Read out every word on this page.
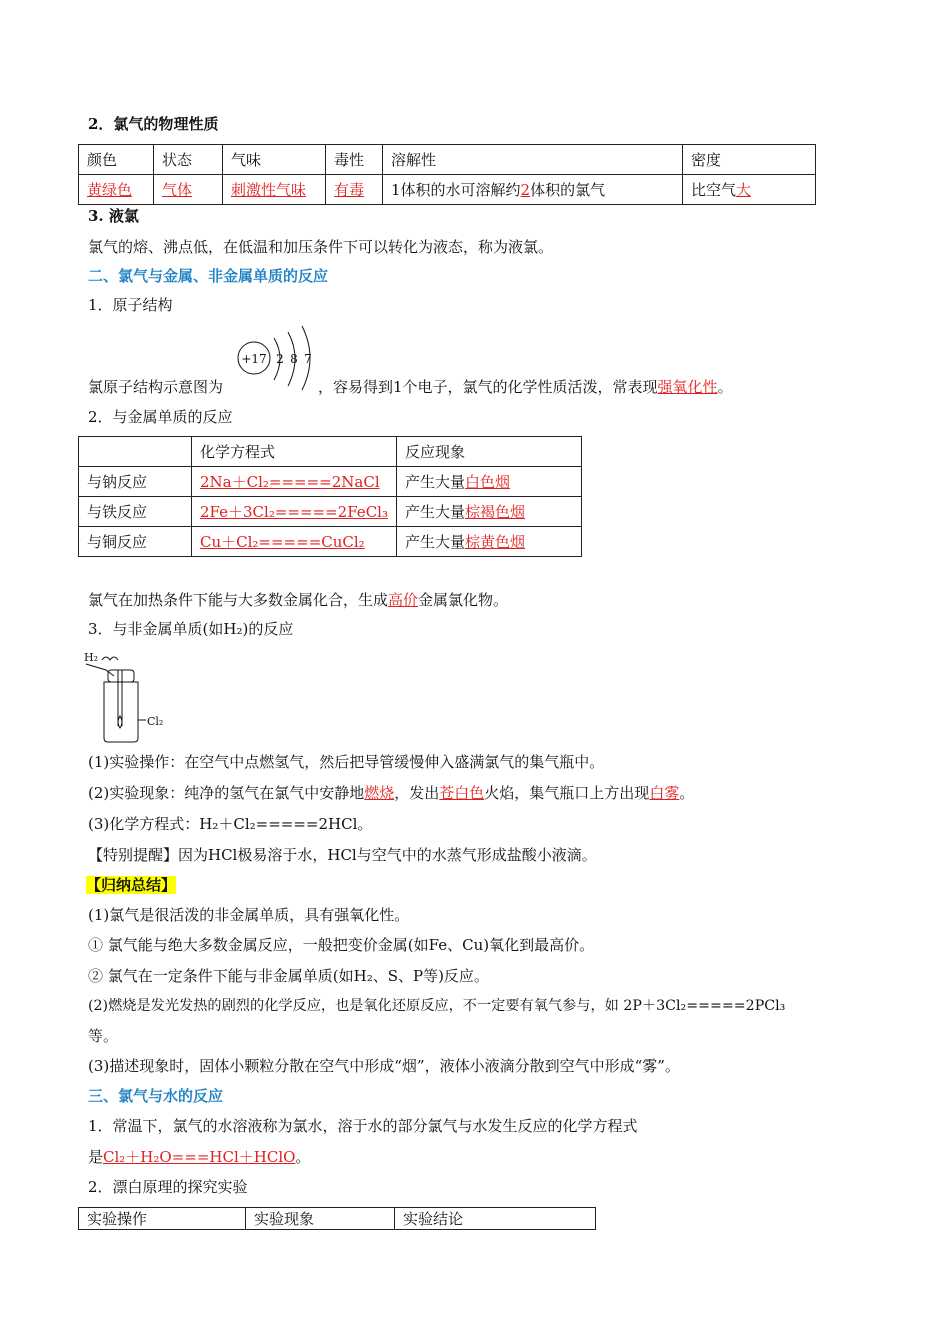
2．氯气的物理性质
颜色	状态	气味	毒性	溶解性	密度
黄绿色	气体	刺激性气味	有毒	1体积的水可溶解约2体积的氯气	比空气大
3. 液氯
氯气的熔、沸点低，在低温和加压条件下可以转化为液态，称为液氯。
二、氯气与金属、非金属单质的反应
1．原子结构
+17 2 8 7
氯原子结构示意图为	，容易得到1个电子，氯气的化学性质活泼，常表现强氧化性。
2．与金属单质的反应
	化学方程式	反应现象
与钠反应	2Na＋Cl₂=====2NaCl	产生大量白色烟
与铁反应	2Fe＋3Cl₂=====2FeCl₃	产生大量棕褐色烟
与铜反应	Cu＋Cl₂=====CuCl₂	产生大量棕黄色烟
氯气在加热条件下能与大多数金属化合，生成高价金属氯化物。
3．与非金属单质(如H₂)的反应
H₂
Cl₂
(1)实验操作：在空气中点燃氢气，然后把导管缓慢伸入盛满氯气的集气瓶中。
(2)实验现象：纯净的氢气在氯气中安静地燃烧，发出苍白色火焰，集气瓶口上方出现白雾。
(3)化学方程式：H₂＋Cl₂=====2HCl。
【特别提醒】因为HCl极易溶于水，HCl与空气中的水蒸气形成盐酸小液滴。
【归纳总结】
(1)氯气是很活泼的非金属单质，具有强氧化性。
① 氯气能与绝大多数金属反应，一般把变价金属(如Fe、Cu)氧化到最高价。
② 氯气在一定条件下能与非金属单质(如H₂、S、P等)反应。
(2)燃烧是发光发热的剧烈的化学反应，也是氧化还原反应，不一定要有氧气参与，如 2P＋3Cl₂=====2PCl₃
等。
(3)描述现象时，固体小颗粒分散在空气中形成“烟”，液体小液滴分散到空气中形成“雾”。
三、氯气与水的反应
1．常温下，氯气的水溶液称为氯水，溶于水的部分氯气与水发生反应的化学方程式
是Cl₂＋H₂O===HCl＋HClO。
2．漂白原理的探究实验
实验操作	实验现象	实验结论
